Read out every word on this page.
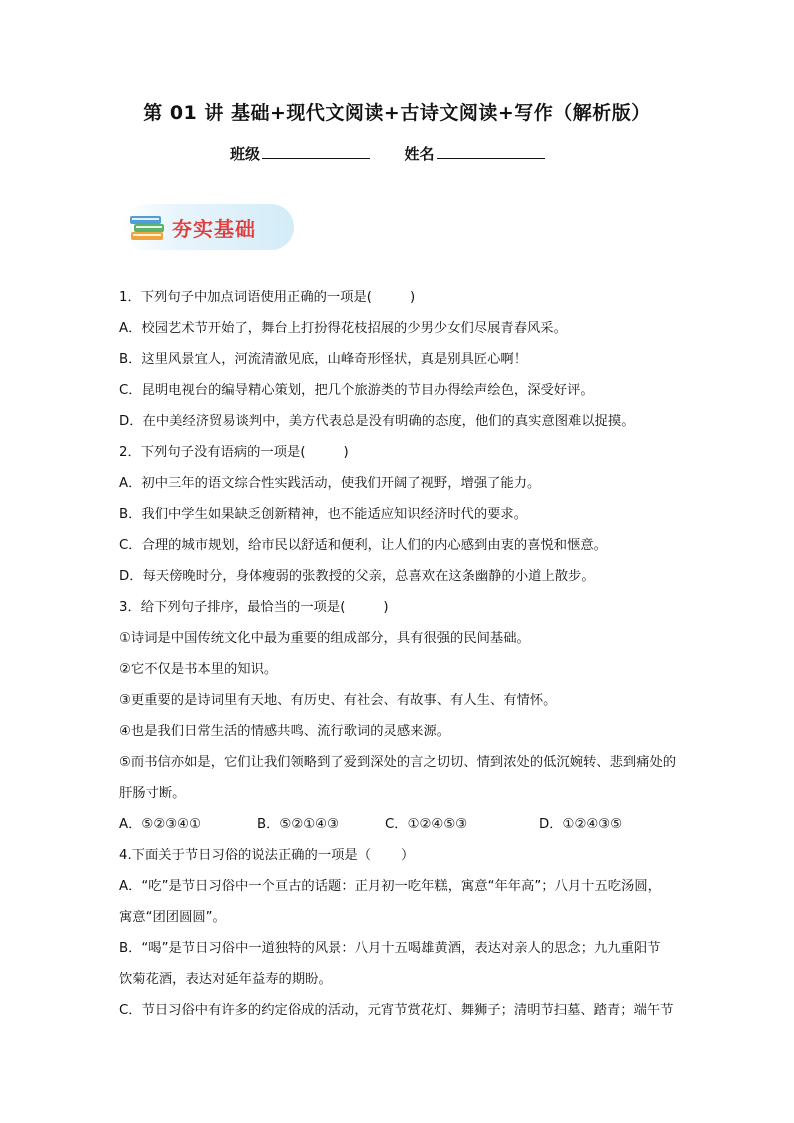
第 01 讲 基础+现代文阅读+古诗文阅读+写作（解析版）
班级	姓名
夯实基础

1．下列句子中加点词语使用正确的一项是(	)

A．校园艺术节开始了，舞台上打扮得花枝招展的少男少女们尽展青春风采。

B．这里风景宜人，河流清澈见底，山峰奇形怪状，真是别具匠心啊！

C．昆明电视台的编导精心策划，把几个旅游类的节目办得绘声绘色，深受好评。

D．在中美经济贸易谈判中，美方代表总是没有明确的态度，他们的真实意图难以捉摸。

2．下列句子没有语病的一项是(	)

A．初中三年的语文综合性实践活动，使我们开阔了视野，增强了能力。

B．我们中学生如果缺乏创新精神，也不能适应知识经济时代的要求。

C．合理的城市规划，给市民以舒适和便利，让人们的内心感到由衷的喜悦和惬意。

D．每天傍晚时分，身体瘦弱的张教授的父亲，总喜欢在这条幽静的小道上散步。

3．给下列句子排序，最恰当的一项是(	)

①诗词是中国传统文化中最为重要的组成部分，具有很强的民间基础。

②它不仅是书本里的知识。

③更重要的是诗词里有天地、有历史、有社会、有故事、有人生、有情怀。

④也是我们日常生活的情感共鸣、流行歌词的灵感来源。

⑤而书信亦如是，它们让我们领略到了爱到深处的言之切切、情到浓处的低沉婉转、悲到痛处的

肝肠寸断。

A．⑤②③④①	B．⑤②①④③	C．①②④⑤③	D．①②④③⑤

4.下面关于节日习俗的说法正确的一项是（ ）

A．“吃”是节日习俗中一个亘古的话题：正月初一吃年糕，寓意“年年高”；八月十五吃汤圆，

寓意“团团圆圆”。

B．“喝”是节日习俗中一道独特的风景：八月十五喝雄黄酒，表达对亲人的思念；九九重阳节

饮菊花酒，表达对延年益寿的期盼。

C．节日习俗中有许多的约定俗成的活动，元宵节赏花灯、舞狮子；清明节扫墓、踏青；端午节
